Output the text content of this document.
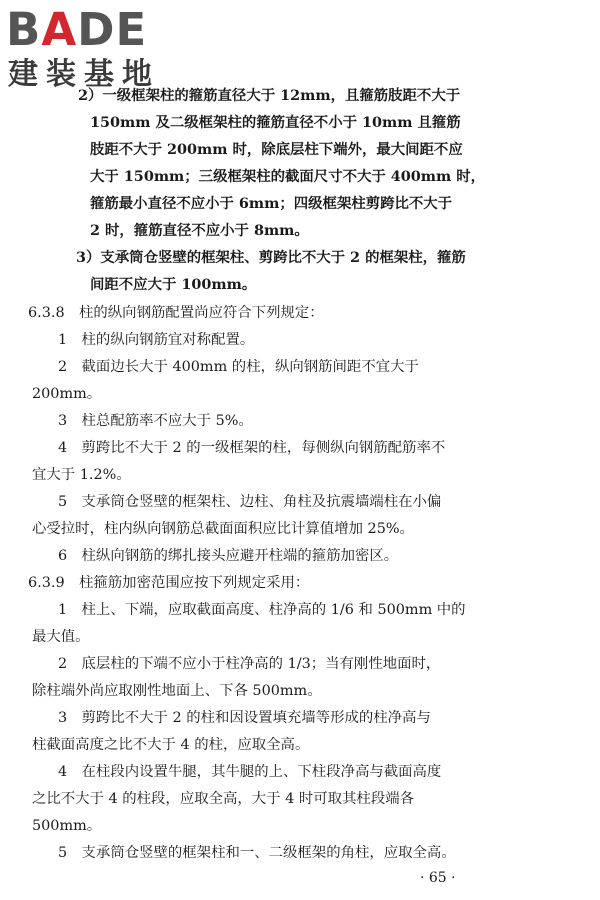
BADE
建装基地
2）一级框架柱的箍筋直径大于 12mm，且箍筋肢距不大于
150mm 及二级框架柱的箍筋直径不小于 10mm 且箍筋
肢距不大于 200mm 时，除底层柱下端外，最大间距不应
大于 150mm；三级框架柱的截面尺寸不大于 400mm 时，
箍筋最小直径不应小于 6mm；四级框架柱剪跨比不大于
2 时，箍筋直径不应小于 8mm。
3）支承筒仓竖壁的框架柱、剪跨比不大于 2 的框架柱，箍筋
间距不应大于 100mm。
6.3.8　柱的纵向钢筋配置尚应符合下列规定：
1　柱的纵向钢筋宜对称配置。
2　截面边长大于 400mm 的柱，纵向钢筋间距不宜大于
200mm。
3　柱总配筋率不应大于 5%。
4　剪跨比不大于 2 的一级框架的柱，每侧纵向钢筋配筋率不
宜大于 1.2%。
5　支承筒仓竖壁的框架柱、边柱、角柱及抗震墙端柱在小偏
心受拉时，柱内纵向钢筋总截面面积应比计算值增加 25%。
6　柱纵向钢筋的绑扎接头应避开柱端的箍筋加密区。
6.3.9　柱箍筋加密范围应按下列规定采用：
1　柱上、下端，应取截面高度、柱净高的 1/6 和 500mm 中的
最大值。
2　底层柱的下端不应小于柱净高的 1/3；当有刚性地面时，
除柱端外尚应取刚性地面上、下各 500mm。
3　剪跨比不大于 2 的柱和因设置填充墙等形成的柱净高与
柱截面高度之比不大于 4 的柱，应取全高。
4　在柱段内设置牛腿，其牛腿的上、下柱段净高与截面高度
之比不大于 4 的柱段，应取全高，大于 4 时可取其柱段端各
500mm。
5　支承筒仓竖壁的框架柱和一、二级框架的角柱，应取全高。
· 65 ·
